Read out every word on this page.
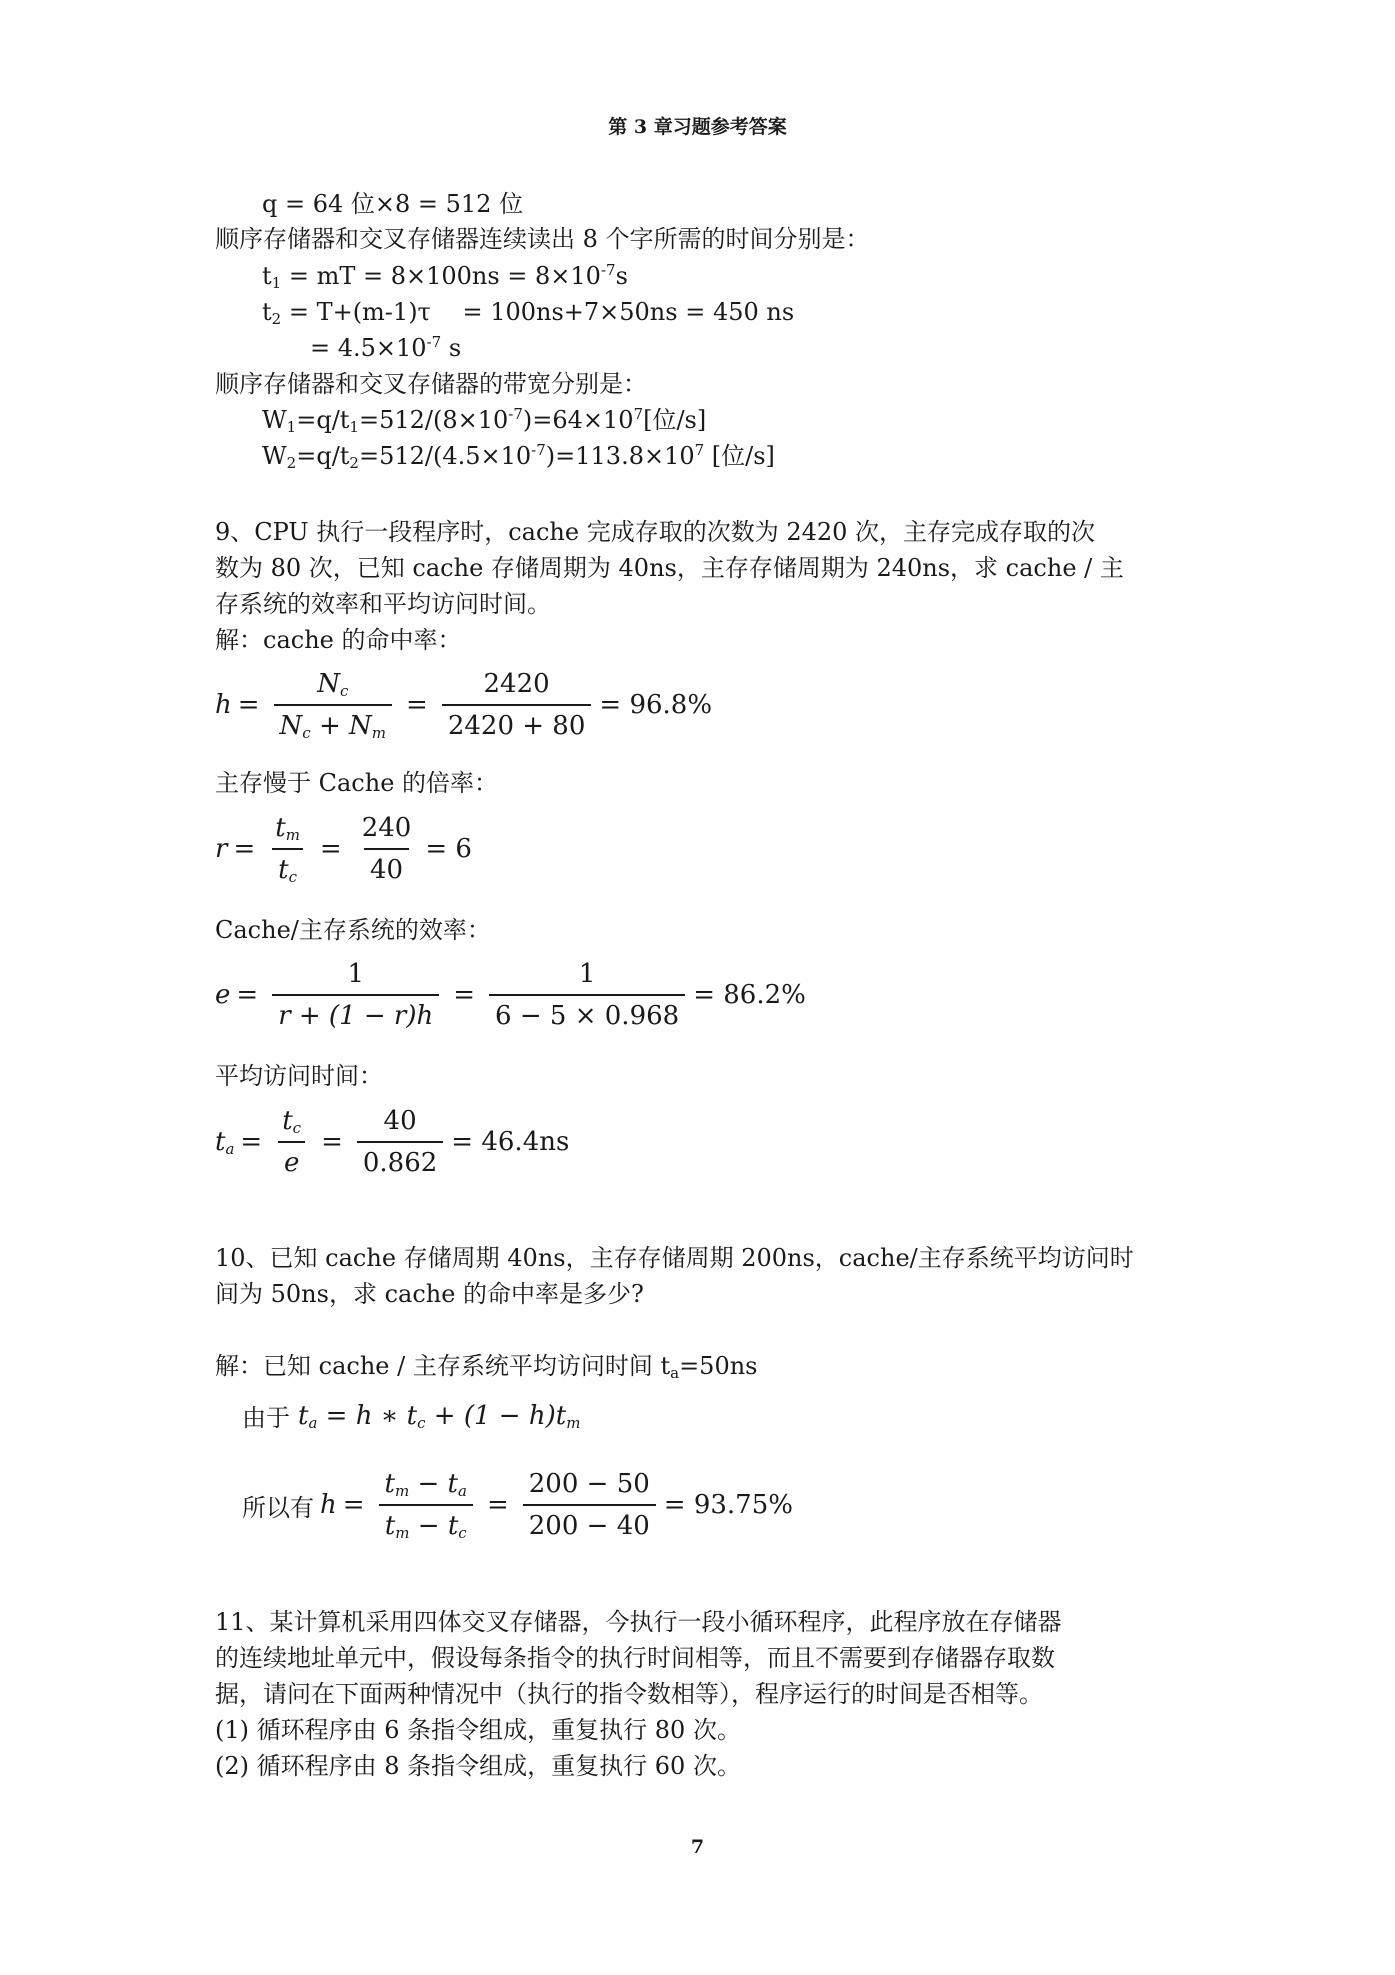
第 3 章习题参考答案
q = 64 位×8 = 512 位
顺序存储器和交叉存储器连续读出 8 个字所需的时间分别是：
$t_1$ = mT = $8\times 100ns = 8\times 10^{-7}s$
$t_2 = T+(m-1)\tau$　 = 100ns+7×50ns = 450 ns
= $4.5\times 10^{-7}$ s
顺序存储器和交叉存储器的带宽分别是：
$W_1=q/t_1=512/(8\times 10^{-7})=64\times 10^7$[位/s]
$W_2=q/t_2=512/(4.5\times 10^{-7})=113.8\times 10^7$ [位/s]
9、CPU 执行一段程序时，cache 完成存取的次数为 2420 次，主存完成存取的次
数为 80 次，已知 cache 存储周期为 40ns，主存存储周期为 240ns，求 cache / 主
存系统的效率和平均访问时间。
解：cache 的命中率：
$h = \frac{N_c}{N_c + N_m} = \frac{2420}{2420 + 80} = 96.8\%$
主存慢于 Cache 的倍率：
$r = \frac{t_m}{t_c} = \frac{240}{40} = 6$
Cache/主存系统的效率：
$e = \frac{1}{r + (1 - r)h} = \frac{1}{6 - 5 \times 0.968} = 86.2\%$
平均访问时间：
$t_a = \frac{t_c}{e} = \frac{40}{0.862} = 46.4ns$
10、已知 cache 存储周期 40ns，主存存储周期 200ns，cache/主存系统平均访问时
间为 50ns，求 cache 的命中率是多少?
解：已知 cache / 主存系统平均访问时间 $t_a=50ns$
由于 $t_a = h$ ∗ $t_c + (1 - h)t_m$
所以有 $h = \frac{t_m - t_a}{t_m - t_c} = \frac{200 - 50}{200 - 40} = 93.75\%$
11、某计算机采用四体交叉存储器，今执行一段小循环程序，此程序放在存储器
的连续地址单元中，假设每条指令的执行时间相等，而且不需要到存储器存取数
据，请问在下面两种情况中（执行的指令数相等），程序运行的时间是否相等。
(1) 循环程序由 6 条指令组成，重复执行 80 次。
(2) 循环程序由 8 条指令组成，重复执行 60 次。
7
